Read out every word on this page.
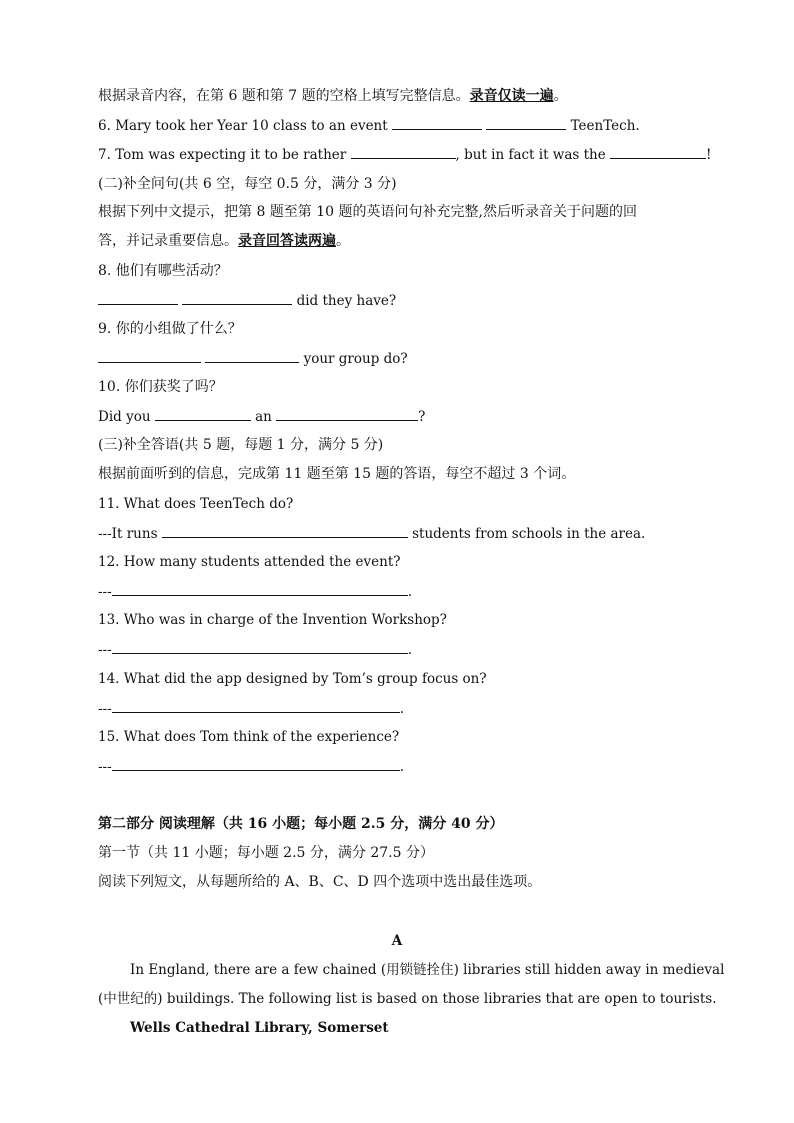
根据录音内容，在第 6 题和第 7 题的空格上填写完整信息。录音仅读一遍。
6. Mary took her Year 10 class to an event	TeenTech.
7. Tom was expecting it to be rather	, but in fact it was the	!
(二)补全问句(共 6 空，每空 0.5 分，满分 3 分)
根据下列中文提示，把第 8 题至第 10 题的英语问句补充完整,然后听录音关于问题的回
答，并记录重要信息。录音回答读两遍。
8. 他们有哪些活动？
did they have?
9. 你的小组做了什么？
your group do?
10. 你们获奖了吗？
Did you	an	?
(三)补全答语(共 5 题，每题 1 分，满分 5 分)
根据前面听到的信息，完成第 11 题至第 15 题的答语，每空不超过 3 个词。
11. What does TeenTech do?
---It runs	students from schools in the area.
12. How many students attended the event?
---	.
13. Who was in charge of the Invention Workshop?
---	.
14. What did the app designed by Tom’s group focus on?
---	.
15. What does Tom think of the experience?
---	.
第二部分 阅读理解（共 16 小题；每小题 2.5 分，满分 40 分）
第一节（共 11 小题；每小题 2.5 分，满分 27.5 分）
阅读下列短文，从每题所给的 A、B、C、D 四个选项中选出最佳选项。
A
In England, there are a few chained (用锁链拴住) libraries still hidden away in medieval
(中世纪的) buildings. The following list is based on those libraries that are open to tourists.
Wells Cathedral Library, Somerset
